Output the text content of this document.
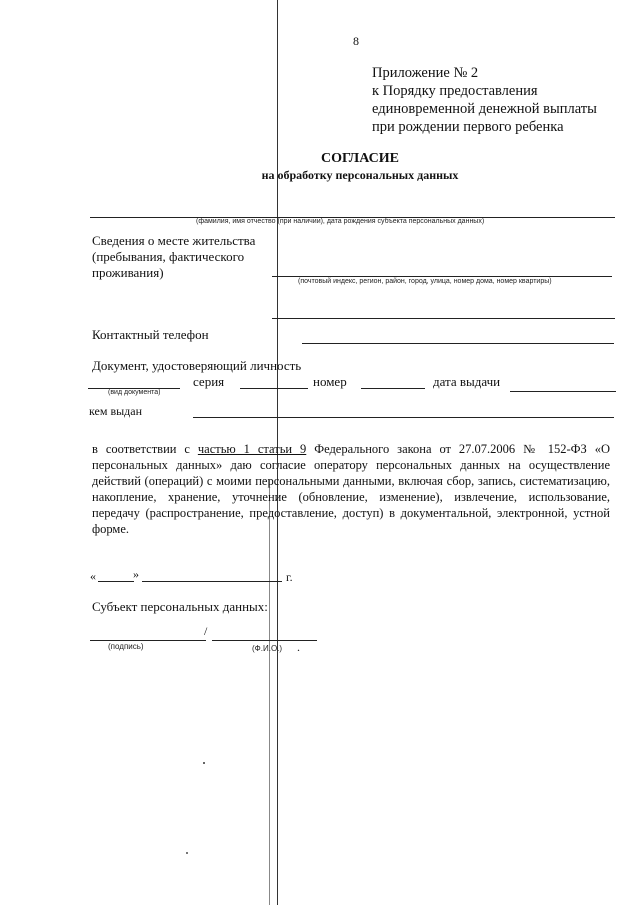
8
Приложение № 2
к Порядку предоставления
единовременной денежной выплаты
при рождении первого ребенка
СОГЛАСИЕ
на обработку персональных данных
(фамилия, имя отчество (при наличии), дата рождения субъекта персональных данных)
Сведения о месте жительства
(пребывания, фактического
проживания)
(почтовый индекс, регион, район, город, улица, номер дома, номер квартиры)
Контактный телефон
Документ, удостоверяющий личность
серия	номер	дата выдачи
(вид документа)
кем выдан
в соответствии с частью 1 статьи 9 Федерального закона от 27.07.2006 № 152-ФЗ «О персональных данных» даю согласие оператору персональных данных на осуществление действий (операций) с моими персональными данными, включая сбор, запись, систематизацию, накопление, хранение, уточнение (обновление, изменение), извлечение, использование, передачу (распространение, предоставление, доступ) в документальной, электронной, устной форме.
«	»	г.
Субъект персональных данных:
/
(подпись)	(Ф.И.О.) .
